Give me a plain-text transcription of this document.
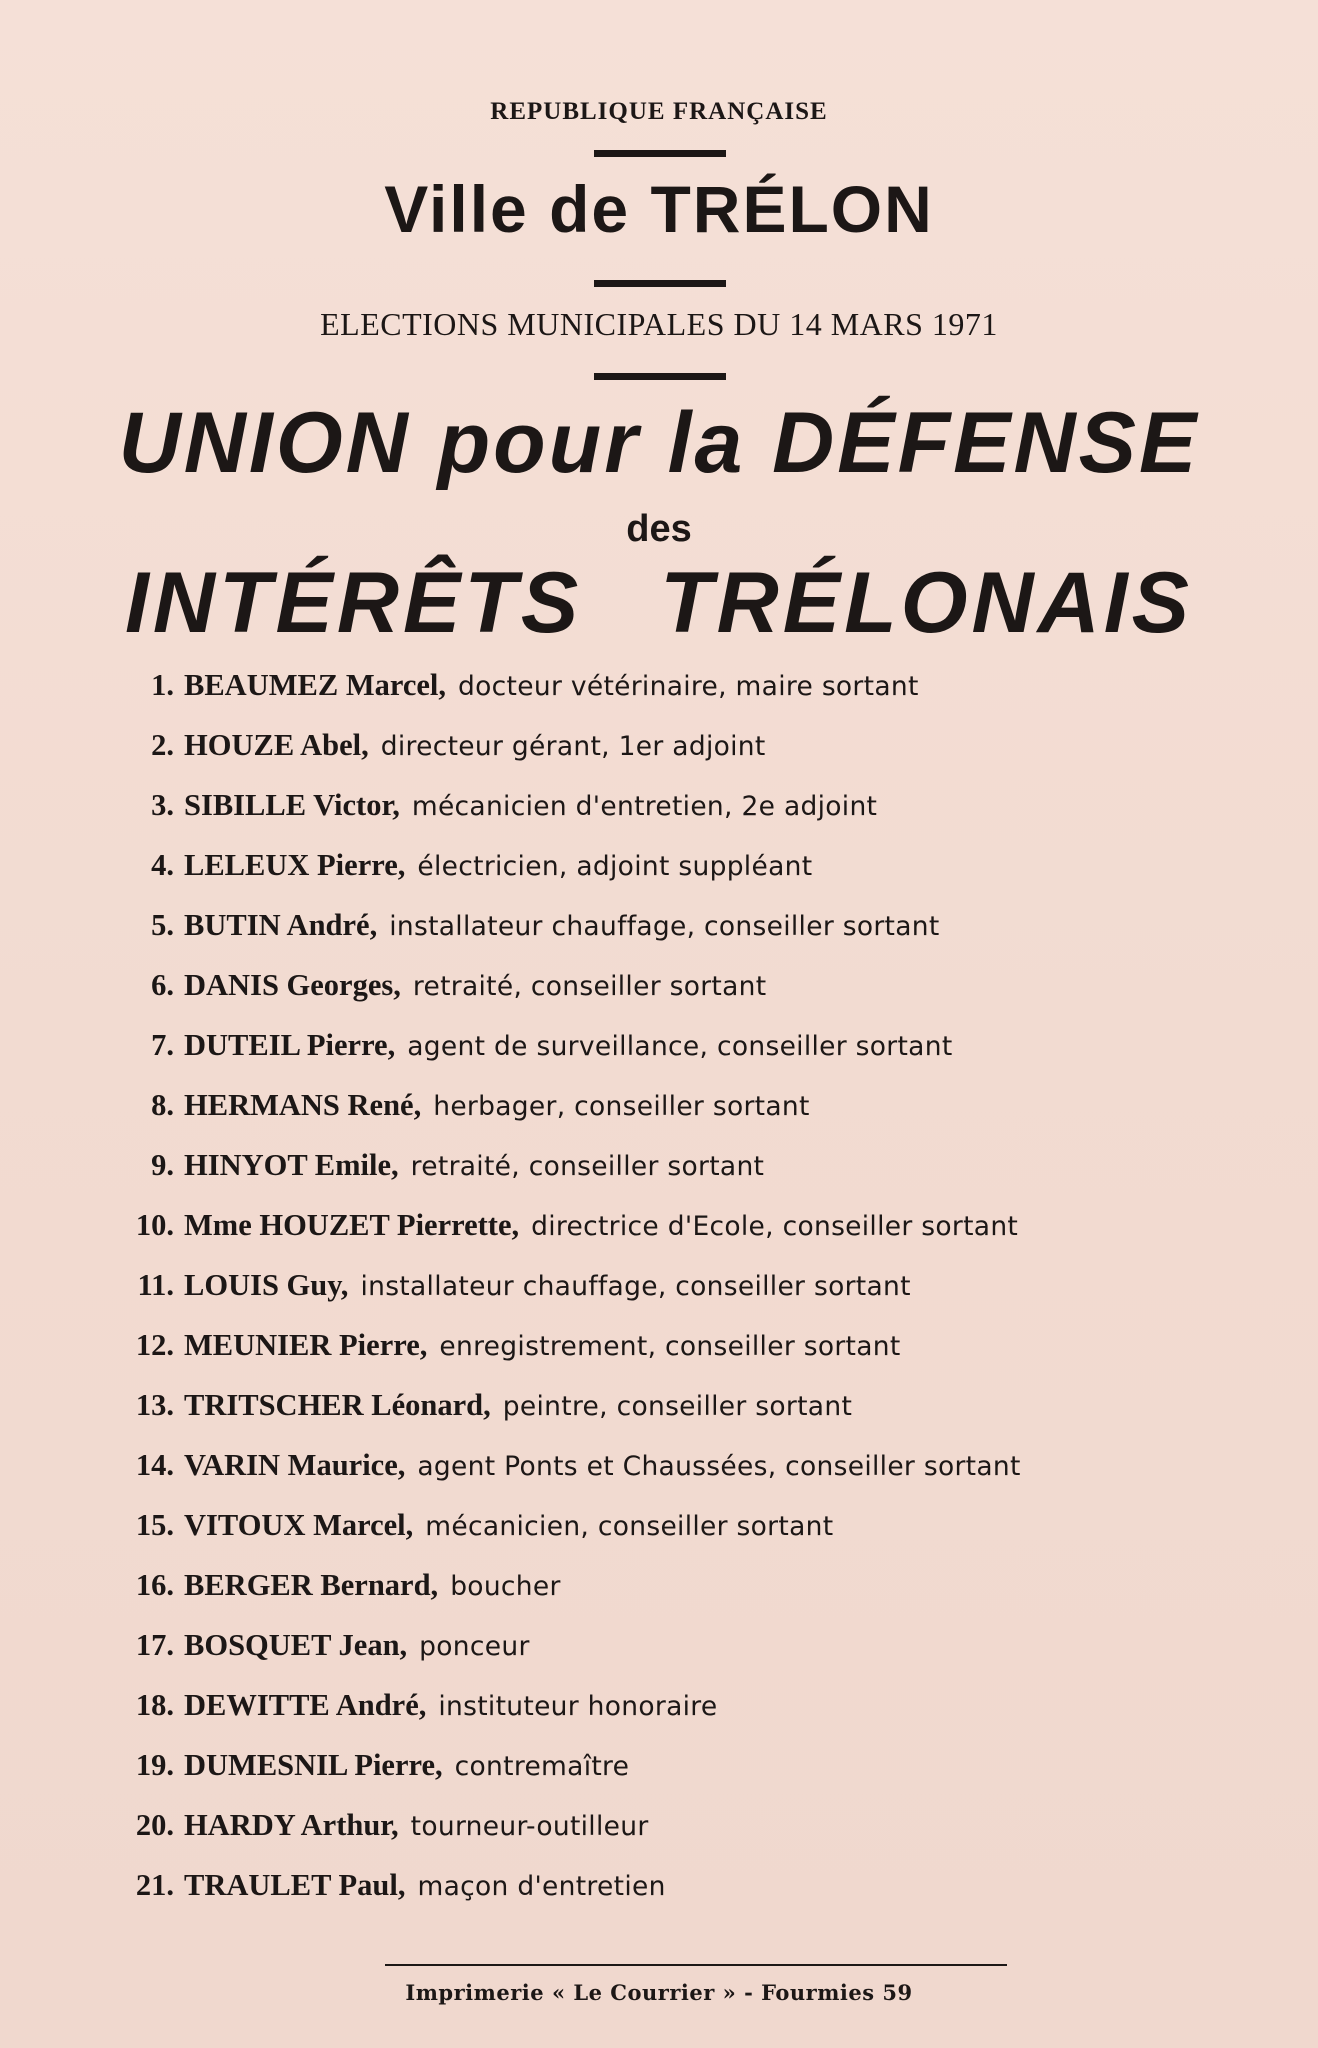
REPUBLIQUE FRANÇAISE
Ville de TRÉLON
ELECTIONS MUNICIPALES DU 14 MARS 1971
UNION pour la DÉFENSE
des
INTÉRÊTS TRÉLONAIS
1. BEAUMEZ Marcel, docteur vétérinaire, maire sortant
2. HOUZE Abel, directeur gérant, 1er adjoint
3. SIBILLE Victor, mécanicien d'entretien, 2e adjoint
4. LELEUX Pierre, électricien, adjoint suppléant
5. BUTIN André, installateur chauffage, conseiller sortant
6. DANIS Georges, retraité, conseiller sortant
7. DUTEIL Pierre, agent de surveillance, conseiller sortant
8. HERMANS René, herbager, conseiller sortant
9. HINYOT Emile, retraité, conseiller sortant
10. Mme HOUZET Pierrette, directrice d'Ecole, conseiller sortant
11. LOUIS Guy, installateur chauffage, conseiller sortant
12. MEUNIER Pierre, enregistrement, conseiller sortant
13. TRITSCHER Léonard, peintre, conseiller sortant
14. VARIN Maurice, agent Ponts et Chaussées, conseiller sortant
15. VITOUX Marcel, mécanicien, conseiller sortant
16. BERGER Bernard, boucher
17. BOSQUET Jean, ponceur
18. DEWITTE André, instituteur honoraire
19. DUMESNIL Pierre, contremaître
20. HARDY Arthur, tourneur-outilleur
21. TRAULET Paul, maçon d'entretien
Imprimerie « Le Courrier » - Fourmies 59
